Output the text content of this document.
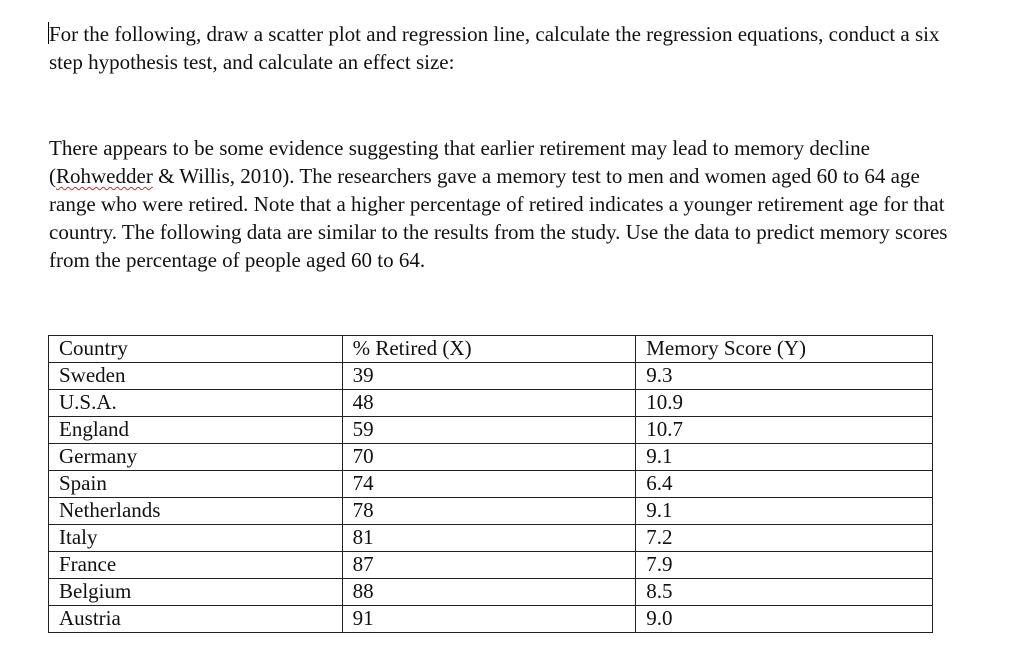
For the following, draw a scatter plot and regression line, calculate the regression equations, conduct a six step hypothesis test, and calculate an effect size:

There appears to be some evidence suggesting that earlier retirement may lead to memory decline (Rohwedder & Willis, 2010). The researchers gave a memory test to men and women aged 60 to 64 age range who were retired. Note that a higher percentage of retired indicates a younger retirement age for that country. The following data are similar to the results from the study. Use the data to predict memory scores from the percentage of people aged 60 to 64.

Country	% Retired (X)	Memory Score (Y)
Sweden	39	9.3
U.S.A.	48	10.9
England	59	10.7
Germany	70	9.1
Spain	74	6.4
Netherlands	78	9.1
Italy	81	7.2
France	87	7.9
Belgium	88	8.5
Austria	91	9.0
